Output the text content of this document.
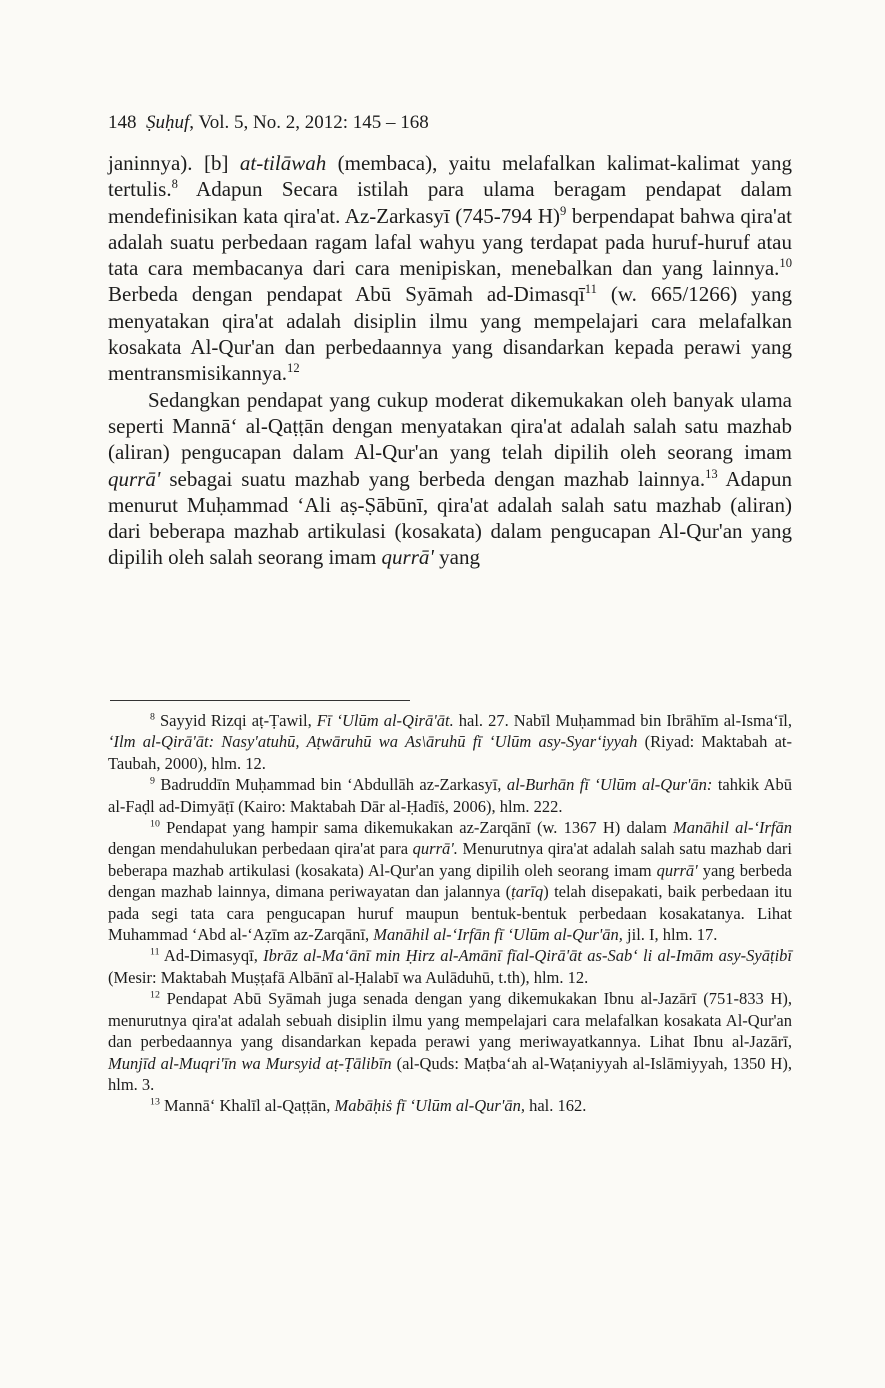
148 Ṣuḥuf, Vol. 5, No. 2, 2012: 145 – 168

janinnya). [b] at-tilāwah (membaca), yaitu melafalkan kalimat-kalimat yang tertulis.$^8$ Adapun Secara istilah para ulama beragam pendapat dalam mendefinisikan kata qira'at. Az-Zarkasyī (745-794 H)$^9$ berpendapat bahwa qira'at adalah suatu perbedaan ragam lafal wahyu yang terdapat pada huruf-huruf atau tata cara membacanya dari cara menipiskan, menebalkan dan yang lainnya.$^{10}$ Berbeda dengan pendapat Abū Syāmah ad-Dimasqī$^{11}$ (w. 665/1266) yang menyatakan qira'at adalah disiplin ilmu yang mempelajari cara melafalkan kosakata Al-Qur'an dan perbedaannya yang disandarkan kepada perawi yang mentransmisikannya.$^{12}$

Sedangkan pendapat yang cukup moderat dikemukakan oleh banyak ulama seperti Mannā‘ al-Qaṭṭān dengan menyatakan qira'at adalah salah satu mazhab (aliran) pengucapan dalam Al-Qur'an yang telah dipilih oleh seorang imam qurrā' sebagai suatu mazhab yang berbeda dengan mazhab lainnya.$^{13}$ Adapun menurut Muḥammad ‘Ali aṣ-Ṣābūnī, qira'at adalah salah satu mazhab (aliran) dari beberapa mazhab artikulasi (kosakata) dalam pengucapan Al-Qur'an yang dipilih oleh salah seorang imam qurrā' yang

$^8$ Sayyid Rizqi aṭ-Ṭawil, Fī ‘Ulūm al-Qirā'āt. hal. 27. Nabīl Muḥammad bin Ibrāhīm al-Isma‘īl, ‘Ilm al-Qirā'āt: Nasy'atuhū, Aṭwāruhū wa As\āruhū fī ‘Ulūm asy-Syar‘iyyah (Riyad: Maktabah at-Taubah, 2000), hlm. 12.

$^9$ Badruddīn Muḥammad bin ‘Abdullāh az-Zarkasyī, al-Burhān fī ‘Ulūm al-Qur'ān: tahkik Abū al-Faḍl ad-Dimyāṭī (Kairo: Maktabah Dār al-Ḥadīṡ, 2006), hlm. 222.

$^{10}$ Pendapat yang hampir sama dikemukakan az-Zarqānī (w. 1367 H) dalam Manāhil al-‘Irfān dengan mendahulukan perbedaan qira'at para qurrā'. Menurutnya qira'at adalah salah satu mazhab dari beberapa mazhab artikulasi (kosakata) Al-Qur'an yang dipilih oleh seorang imam qurrā' yang berbeda dengan mazhab lainnya, dimana periwayatan dan jalannya (ṭarīq) telah disepakati, baik perbedaan itu pada segi tata cara pengucapan huruf maupun bentuk-bentuk perbedaan kosakatanya. Lihat Muhammad ‘Abd al-‘Aẓīm az-Zarqānī, Manāhil al-‘Irfān fī ‘Ulūm al-Qur'ān, jil. I, hlm. 17.

$^{11}$ Ad-Dimasyqī, Ibrāz al-Ma‘ānī min Ḥirz al-Amānī fīal-Qirā'āt as-Sab‘ li al-Imām asy-Syāṭibī (Mesir: Maktabah Muṣṭafā Albānī al-Ḥalabī wa Aulāduhū, t.th), hlm. 12.

$^{12}$ Pendapat Abū Syāmah juga senada dengan yang dikemukakan Ibnu al-Jazārī (751-833 H), menurutnya qira'at adalah sebuah disiplin ilmu yang mempelajari cara melafalkan kosakata Al-Qur'an dan perbedaannya yang disandarkan kepada perawi yang meriwayatkannya. Lihat Ibnu al-Jazārī, Munjīd al-Muqri'īn wa Mursyid aṭ-Ṭālibīn (al-Quds: Maṭba‘ah al-Waṭaniyyah al-Islāmiyyah, 1350 H), hlm. 3.

$^{13}$ Mannā‘ Khalīl al-Qaṭṭān, Mabāḥiṡ fī ‘Ulūm al-Qur'ān, hal. 162.
